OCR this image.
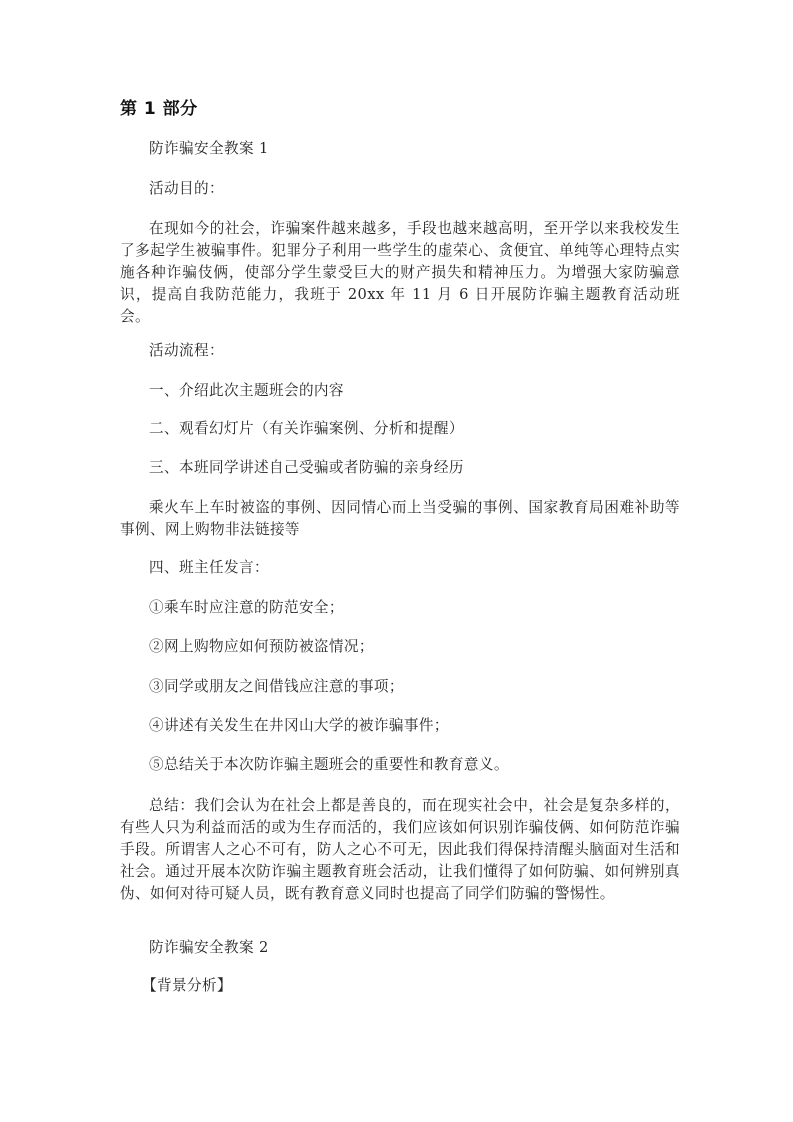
第 1 部分
防诈骗安全教案 1
活动目的：
在现如今的社会，诈骗案件越来越多，手段也越来越高明，至开学以来我校发生了多起学生被骗事件。犯罪分子利用一些学生的虚荣心、贪便宜、单纯等心理特点实施各种诈骗伎俩，使部分学生蒙受巨大的财产损失和精神压力。为增强大家防骗意识，提高自我防范能力，我班于 20xx 年 11 月 6 日开展防诈骗主题教育活动班会。
活动流程：
一、介绍此次主题班会的内容
二、观看幻灯片（有关诈骗案例、分析和提醒）
三、本班同学讲述自己受骗或者防骗的亲身经历
乘火车上车时被盗的事例、因同情心而上当受骗的事例、国家教育局困难补助等事例、网上购物非法链接等
四、班主任发言：
①乘车时应注意的防范安全；
②网上购物应如何预防被盗情况；
③同学或朋友之间借钱应注意的事项；
④讲述有关发生在井冈山大学的被诈骗事件；
⑤总结关于本次防诈骗主题班会的重要性和教育意义。
总结：我们会认为在社会上都是善良的，而在现实社会中，社会是复杂多样的，有些人只为利益而活的或为生存而活的，我们应该如何识别诈骗伎俩、如何防范诈骗手段。所谓害人之心不可有，防人之心不可无，因此我们得保持清醒头脑面对生活和社会。通过开展本次防诈骗主题教育班会活动，让我们懂得了如何防骗、如何辨别真伪、如何对待可疑人员，既有教育意义同时也提高了同学们防骗的警惕性。
防诈骗安全教案 2
【背景分析】
